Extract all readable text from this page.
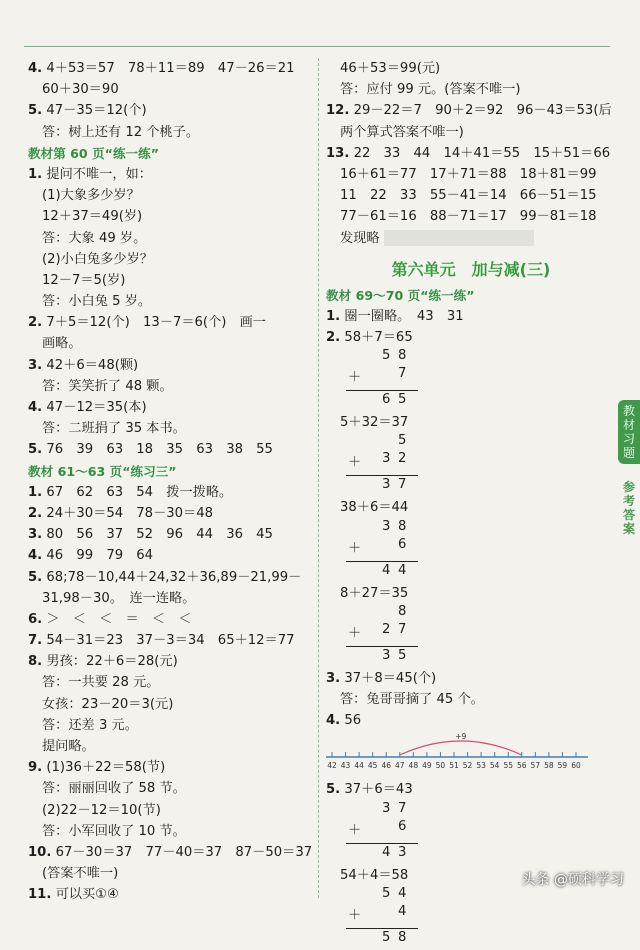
4. 4＋53＝57　78＋11＝89　47－26＝21
60＋30＝90
5. 47－35＝12(个)
答：树上还有 12 个桃子。
教材第 60 页“练一练”
1. 提问不唯一，如：
(1)大象多少岁？
12＋37＝49(岁)
答：大象 49 岁。
(2)小白兔多少岁？
12－7＝5(岁)
答：小白兔 5 岁。
2. 7＋5＝12(个)　13－7＝6(个)　画一
画略。
3. 42＋6＝48(颗)
答：笑笑折了 48 颗。
4. 47－12＝35(本)
答：二班捐了 35 本书。
5. 76　39　63　18　35　63　38　55
教材 61～63 页“练习三”
1. 67　62　63　54　拨一拨略。
2. 24＋30＝54　78－30＝48
3. 80　56　37　52　96　44　36　45
4. 46　99　79　64
5. 68;78－10,44＋24,32＋36,89－21,99－
31,98－30。　连一连略。
6. ＞　＜　＜　＝　＜　＜
7. 54－31＝23　37－3＝34　65＋12＝77
8. 男孩：22＋6＝28(元)
答：一共要 28 元。
女孩：23－20＝3(元)
答：还差 3 元。
提问略。
9. (1)36＋22＝58(节)
答：丽丽回收了 58 节。
(2)22－12＝10(节)
答：小军回收了 10 节。
10. 67－30＝37　77－40＝37　87－50＝37
(答案不唯一)
11. 可以买①④
46＋53＝99(元)
答：应付 99 元。(答案不唯一)
12. 29－22＝7　90＋2＝92　96－43＝53(后
两个算式答案不唯一)
13. 22　33　44　14＋41＝55　15＋51＝66
16＋61＝77　17＋71＝88　18＋81＝99
11　22　33　55－41＝14　66－51＝15
77－61＝16　88－71＝17　99－81＝18
发现略
第六单元　加与减(三)
教材 69～70 页“练一练”
1. 圈一圈略。　43　31
2. 58＋7＝65
5 8
＋	7
6 5
5＋32＝37
5
＋ 3 2
3 7
38＋6＝44
3 8
＋	6
4 4
8＋27＝35
8
＋ 2 7
3 5
3. 37＋8＝45(个)
答：兔哥哥摘了 45 个。
4. 56
42 43 44 45 46 47 48 49 50 51 52 53 54 55 56 57 58 59 60
+9
5. 37＋6＝43
3 7
＋	6
4 3
54＋4＝58
5 4
＋	4
5 8
教
材
习
题
参
考
答
案
头条 @硕科学习
